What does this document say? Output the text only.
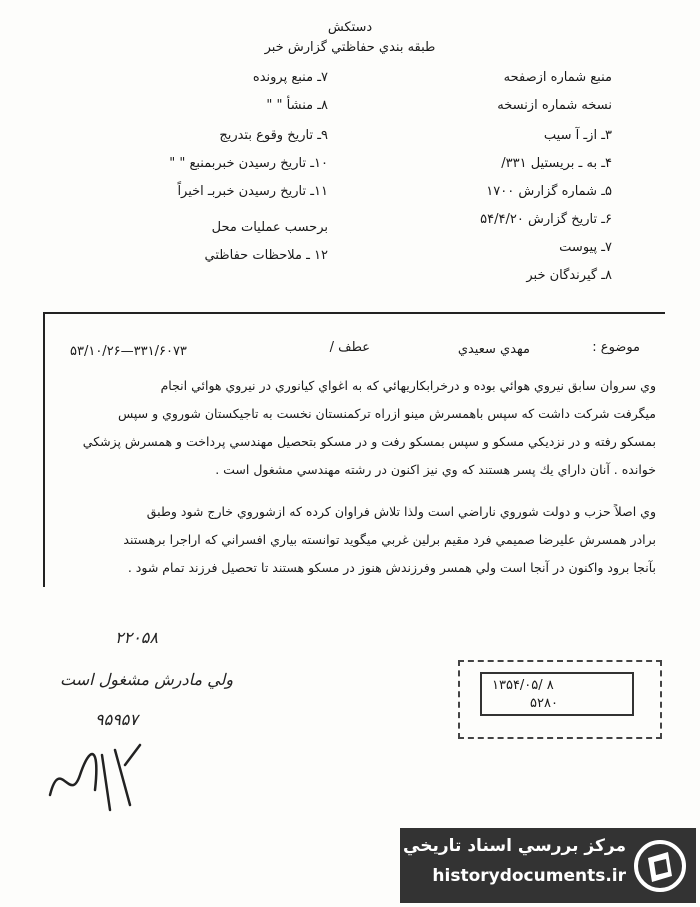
دستكش
طبقه بندي حفاظتي گزارش خبر
منبع شماره ازصفحه
نسخه شماره ازنسخه
۳ـ ازـ آ سيب
۴ـ به ـ بريستيل ۳۳۱/
۵ـ شماره گزارش ۱۷۰۰
۶ـ تاريخ گزارش ۵۴/۴/۲۰
۷ـ پيوست
۸ـ گيرندگان خبر
۷ـ منبع پرونده
۸ـ منشأ " "
۹ـ تاريخ وقوع بتدريج
۱۰ـ تاريخ رسيدن خبربمنبع " "
۱۱ـ تاريخ رسيدن خبربـ اخيراً
برحسب عمليات محل
۱۲ ـ ملاحظات حفاظتي
موضوع :
مهدي سعيدي
عطف /
۵۳/۱۰/۲۶—۳۳۱/۶۰۷۳
وي سروان سابق نيروي هوائي بوده و درخرابكاريهائي كه به اغواي كيانوري در نيروي هوائي انجام
ميگرفت شركت داشت كه سپس باهمسرش مينو ازراه تركمنستان نخست به تاجيكستان شوروي و سپس
بمسكو رفته و در نزديكي مسكو و سپس بمسكو رفت و در مسكو بتحصيل مهندسي پرداخت و همسرش پزشكي
خوانده . آنان داراي يك پسر هستند كه وي نيز اكنون در رشته مهندسي مشغول است .
وي اصلاً حزب و دولت شوروي ناراضي است ولذا تلاش فراوان كرده كه ازشوروي خارج شود وطبق
برادر همسرش عليرضا صميمي فرد مقيم برلين غربي ميگويد توانسته بياري افسراني كه اراجرا برهستند
بآنجا برود واكنون در آنجا است ولي همسر وفرزندش هنوز در مسكو هستند تا تحصيل فرزند تمام شود .
۲۲۰۵۸
ولي مادرش مشغول است
۹۵۹۵۷
۱۳۵۴/۰۵/ ۸
۵۲۸۰
مركز بررسي اسناد تاريخي
historydocuments.ir
